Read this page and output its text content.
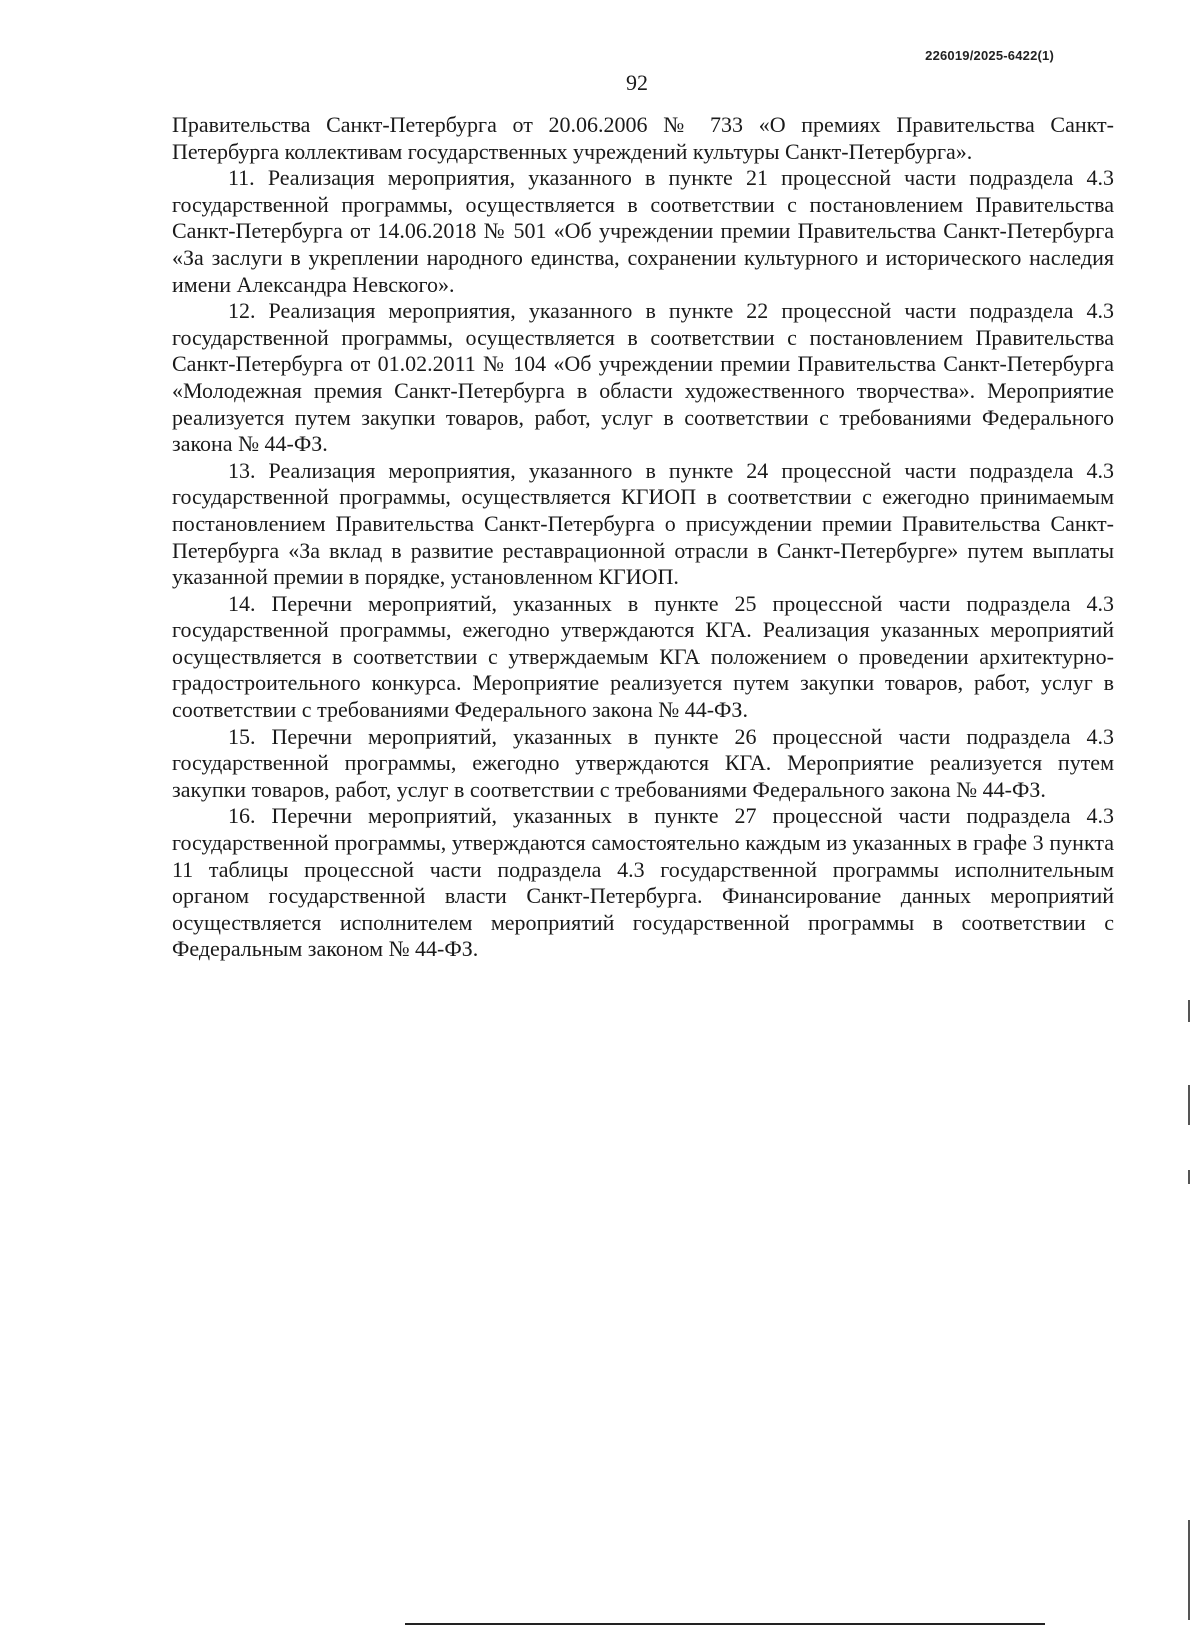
226019/2025-6422(1)
92

Правительства Санкт-Петербурга от 20.06.2006 № 733 «О премиях Правительства Санкт-Петербурга коллективам государственных учреждений культуры Санкт-Петербурга».

11. Реализация мероприятия, указанного в пункте 21 процессной части подраздела 4.3 государственной программы, осуществляется в соответствии с постановлением Правительства Санкт-Петербурга от 14.06.2018 № 501 «Об учреждении премии Правительства Санкт-Петербурга «За заслуги в укреплении народного единства, сохранении культурного и исторического наследия имени Александра Невского».

12. Реализация мероприятия, указанного в пункте 22 процессной части подраздела 4.3 государственной программы, осуществляется в соответствии с постановлением Правительства Санкт-Петербурга от 01.02.2011 № 104 «Об учреждении премии Правительства Санкт-Петербурга «Молодежная премия Санкт-Петербурга в области художественного творчества». Мероприятие реализуется путем закупки товаров, работ, услуг в соответствии с требованиями Федерального закона № 44-ФЗ.

13. Реализация мероприятия, указанного в пункте 24 процессной части подраздела 4.3 государственной программы, осуществляется КГИОП в соответствии с ежегодно принимаемым постановлением Правительства Санкт-Петербурга о присуждении премии Правительства Санкт-Петербурга «За вклад в развитие реставрационной отрасли в Санкт-Петербурге» путем выплаты указанной премии в порядке, установленном КГИОП.

14. Перечни мероприятий, указанных в пункте 25 процессной части подраздела 4.3 государственной программы, ежегодно утверждаются КГА. Реализация указанных мероприятий осуществляется в соответствии с утверждаемым КГА положением о проведении архитектурно-градостроительного конкурса. Мероприятие реализуется путем закупки товаров, работ, услуг в соответствии с требованиями Федерального закона № 44-ФЗ.

15. Перечни мероприятий, указанных в пункте 26 процессной части подраздела 4.3 государственной программы, ежегодно утверждаются КГА. Мероприятие реализуется путем закупки товаров, работ, услуг в соответствии с требованиями Федерального закона № 44-ФЗ.

16. Перечни мероприятий, указанных в пункте 27 процессной части подраздела 4.3 государственной программы, утверждаются самостоятельно каждым из указанных в графе 3 пункта 11 таблицы процессной части подраздела 4.3 государственной программы исполнительным органом государственной власти Санкт-Петербурга. Финансирование данных мероприятий осуществляется исполнителем мероприятий государственной программы в соответствии с Федеральным законом № 44-ФЗ.
